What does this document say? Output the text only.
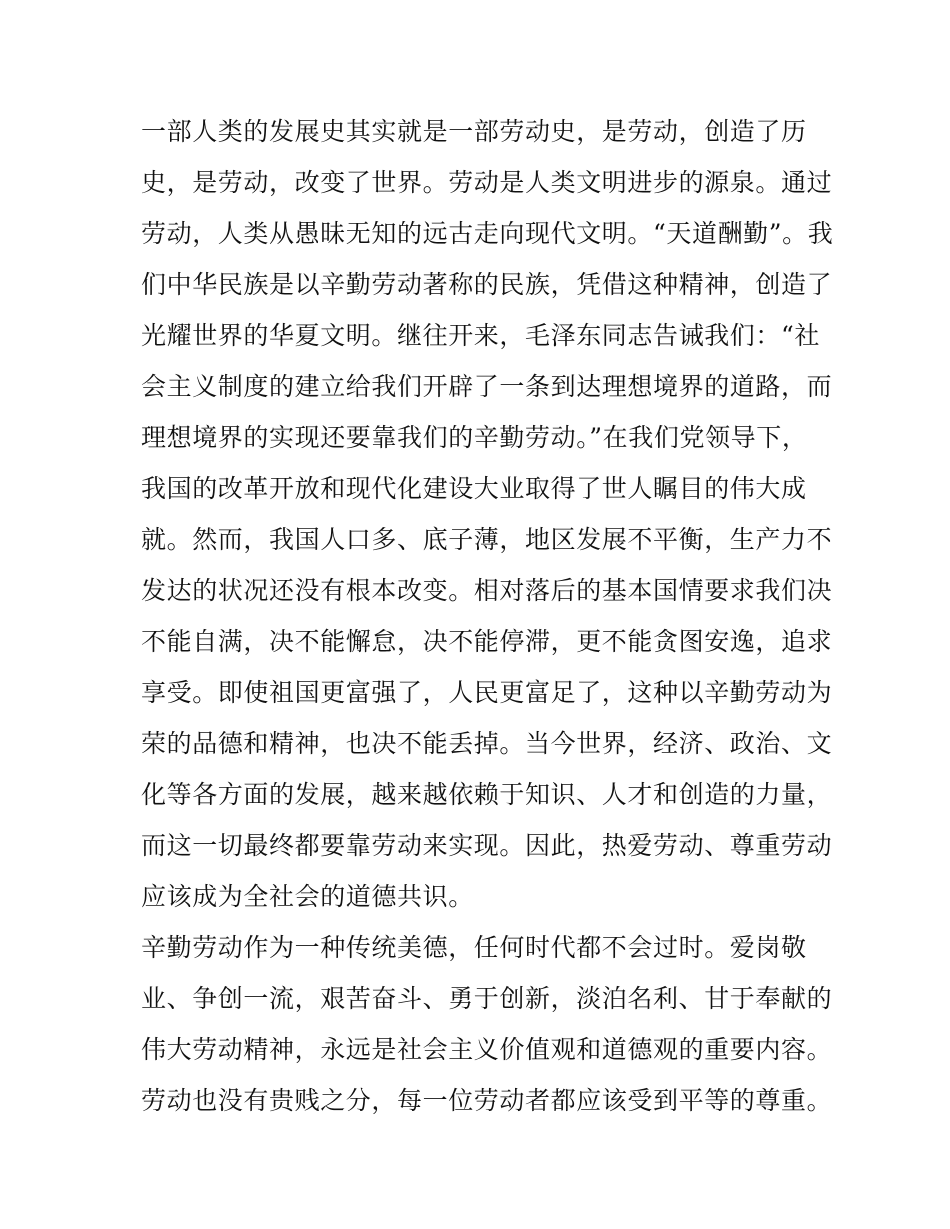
一部人类的发展史其实就是一部劳动史，是劳动，创造了历
史，是劳动，改变了世界。劳动是人类文明进步的源泉。通过
劳动，人类从愚昧无知的远古走向现代文明。“天道酬勤”。我
们中华民族是以辛勤劳动著称的民族，凭借这种精神，创造了
光耀世界的华夏文明。继往开来，毛泽东同志告诫我们：“社
会主义制度的建立给我们开辟了一条到达理想境界的道路，而
理想境界的实现还要靠我们的辛勤劳动。”在我们党领导下，
我国的改革开放和现代化建设大业取得了世人瞩目的伟大成
就。然而，我国人口多、底子薄，地区发展不平衡，生产力不
发达的状况还没有根本改变。相对落后的基本国情要求我们决
不能自满，决不能懈怠，决不能停滞，更不能贪图安逸，追求
享受。即使祖国更富强了，人民更富足了，这种以辛勤劳动为
荣的品德和精神，也决不能丢掉。当今世界，经济、政治、文
化等各方面的发展，越来越依赖于知识、人才和创造的力量，
而这一切最终都要靠劳动来实现。因此，热爱劳动、尊重劳动
应该成为全社会的道德共识。
辛勤劳动作为一种传统美德，任何时代都不会过时。爱岗敬
业、争创一流，艰苦奋斗、勇于创新，淡泊名利、甘于奉献的
伟大劳动精神，永远是社会主义价值观和道德观的重要内容。
劳动也没有贵贱之分，每一位劳动者都应该受到平等的尊重。
